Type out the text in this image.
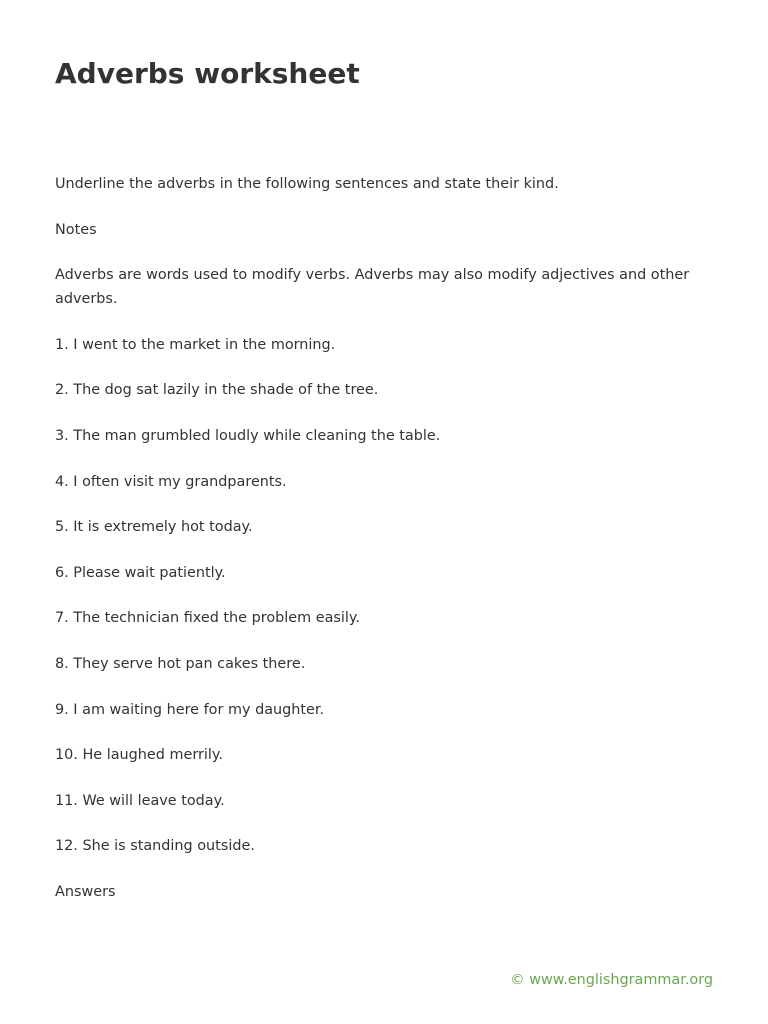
Adverbs worksheet

Underline the adverbs in the following sentences and state their kind.

Notes

Adverbs are words used to modify verbs. Adverbs may also modify adjectives and other adverbs.

1. I went to the market in the morning.

2. The dog sat lazily in the shade of the tree.

3. The man grumbled loudly while cleaning the table.

4. I often visit my grandparents.

5. It is extremely hot today.

6. Please wait patiently.

7. The technician fixed the problem easily.

8. They serve hot pan cakes there.

9. I am waiting here for my daughter.

10. He laughed merrily.

11. We will leave today.

12. She is standing outside.

Answers

© www.englishgrammar.org
